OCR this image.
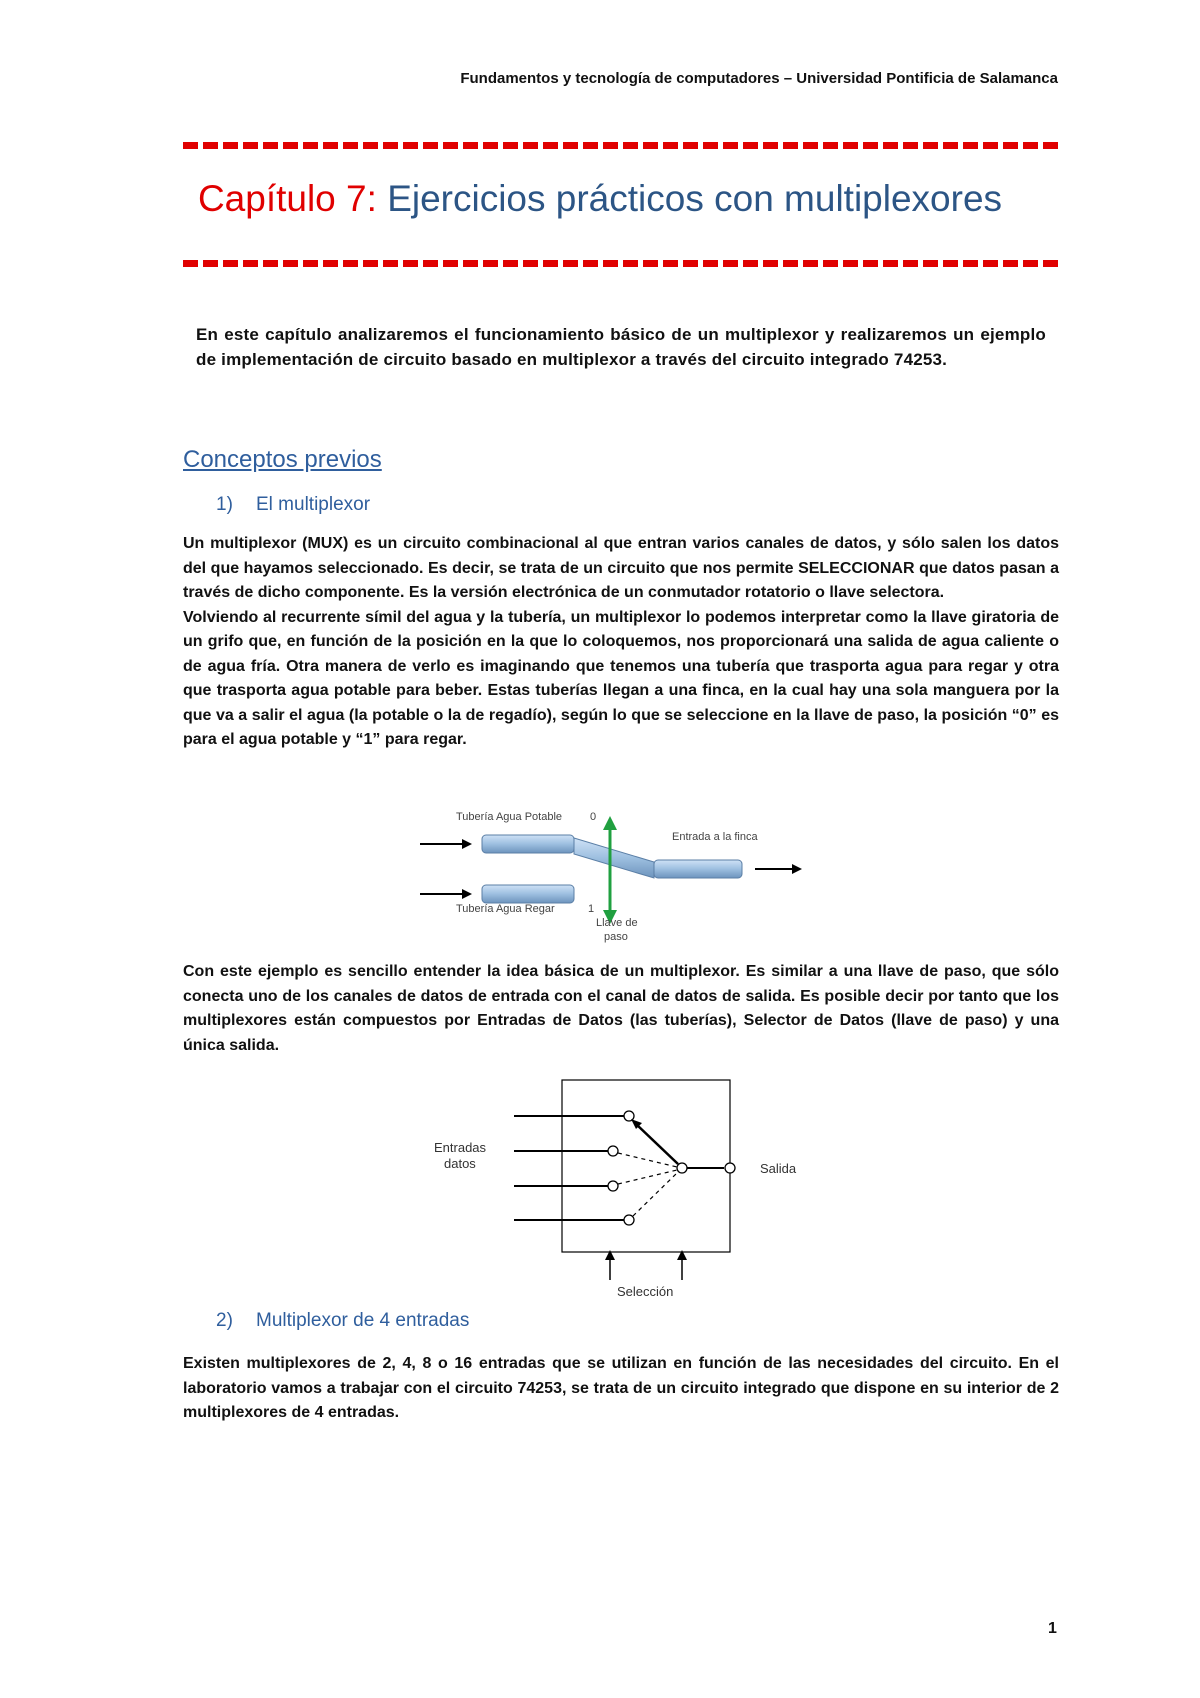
Fundamentos y tecnología de computadores – Universidad Pontificia de Salamanca
Capítulo 7: Ejercicios prácticos con multiplexores
En este capítulo analizaremos el funcionamiento básico de un multiplexor y realizaremos un ejemplo de implementación de circuito basado en multiplexor a través del circuito integrado 74253.
Conceptos previos
1) El multiplexor

Un multiplexor (MUX) es un circuito combinacional al que entran varios canales de datos, y sólo salen los datos del que hayamos seleccionado. Es decir, se trata de un circuito que nos permite SELECCIONAR que datos pasan a través de dicho componente. Es la versión electrónica de un conmutador rotatorio o llave selectora.

Volviendo al recurrente símil del agua y la tubería, un multiplexor lo podemos interpretar como la llave giratoria de un grifo que, en función de la posición en la que lo coloquemos, nos proporcionará una salida de agua caliente o de agua fría. Otra manera de verlo es imaginando que tenemos una tubería que trasporta agua para regar y otra que trasporta agua potable para beber. Estas tuberías llegan a una finca, en la cual hay una sola manguera por la que va a salir el agua (la potable o la de regadío), según lo que se seleccione en la llave de paso, la posición “0” es para el agua potable y “1” para regar.

Tubería Agua Potable	0
Entrada a la finca
Tubería Agua Regar	1
Llave de
paso
Con este ejemplo es sencillo entender la idea básica de un multiplexor. Es similar a una llave de paso, que sólo conecta uno de los canales de datos de entrada con el canal de datos de salida. Es posible decir por tanto que los multiplexores están compuestos por Entradas de Datos (las tuberías), Selector de Datos (llave de paso) y una única salida.
Entradas
datos	Salida
Selección
2) Multiplexor de 4 entradas
Existen multiplexores de 2, 4, 8 o 16 entradas que se utilizan en función de las necesidades del circuito. En el laboratorio vamos a trabajar con el circuito 74253, se trata de un circuito integrado que dispone en su interior de 2 multiplexores de 4 entradas.
1
